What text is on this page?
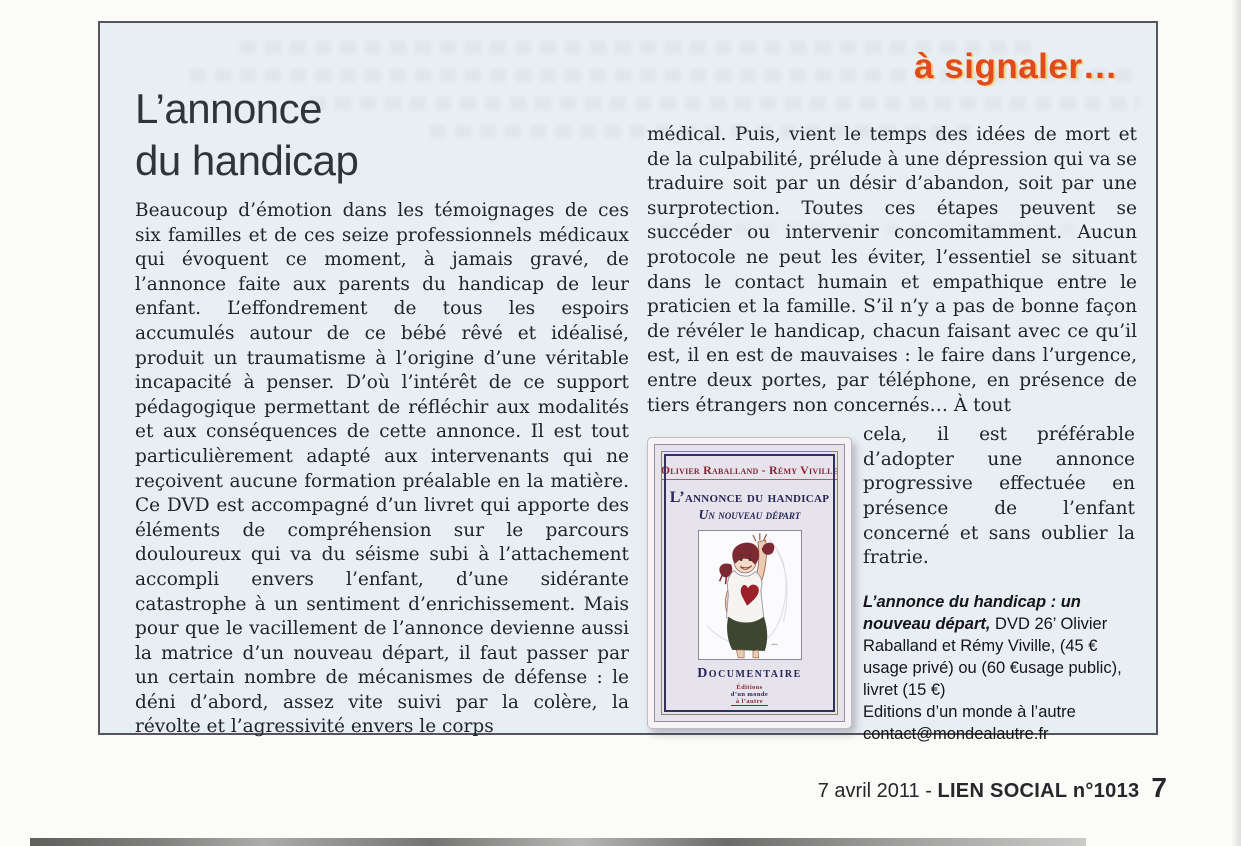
à signaler…
L’annonce
du handicap

Beaucoup d’émotion dans les témoignages de ces six familles et de ces seize professionnels médicaux qui évoquent ce moment, à jamais gravé, de l’annonce faite aux parents du handicap de leur enfant. L’effondrement de tous les espoirs accumulés autour de ce bébé rêvé et idéalisé, produit un traumatisme à l’origine d’une véritable incapacité à penser. D’où l’intérêt de ce support pédagogique permettant de réfléchir aux modalités et aux conséquences de cette annonce. Il est tout particulièrement adapté aux intervenants qui ne reçoivent aucune formation préalable en la matière. Ce DVD est accompagné d’un livret qui apporte des éléments de compréhension sur le parcours douloureux qui va du séisme subi à l’attachement accompli envers l’enfant, d’une sidérante catastrophe à un sentiment d’enrichissement. Mais pour que le vacillement de l’annonce devienne aussi la matrice d’un nouveau départ, il faut passer par un certain nombre de mécanismes de défense : le déni d’abord, assez vite suivi par la colère, la révolte et l’agressivité envers le corps

médical. Puis, vient le temps des idées de mort et de la culpabilité, prélude à une dépression qui va se traduire soit par un désir d’abandon, soit par une surprotection. Toutes ces étapes peuvent se succéder ou intervenir concomitamment. Aucun protocole ne peut les éviter, l’essentiel se situant dans le contact humain et empathique entre le praticien et la famille. S’il n’y a pas de bonne façon de révéler le handicap, chacun faisant avec ce qu’il est, il en est de mauvaises : le faire dans l’urgence, entre deux portes, par téléphone, en présence de tiers étrangers non concernés… À tout

Olivier Raballand - Rémy Viville
L’annonce du handicap
Un nouveau départ
Documentaire
Éditions
d’un monde
à l’autre

cela, il est préférable d’adopter une annonce progressive effectuée en présence de l’enfant concerné et sans oublier la fratrie.

L’annonce du handicap : un nouveau départ, DVD 26’ Olivier Raballand et Rémy Viville, (45 € usage privé) ou (60 €usage public), livret (15 €)

Editions d’un monde à l’autre

contact@mondealautre.fr

7 avril 2011 - LIEN SOCIAL n°1013 7
